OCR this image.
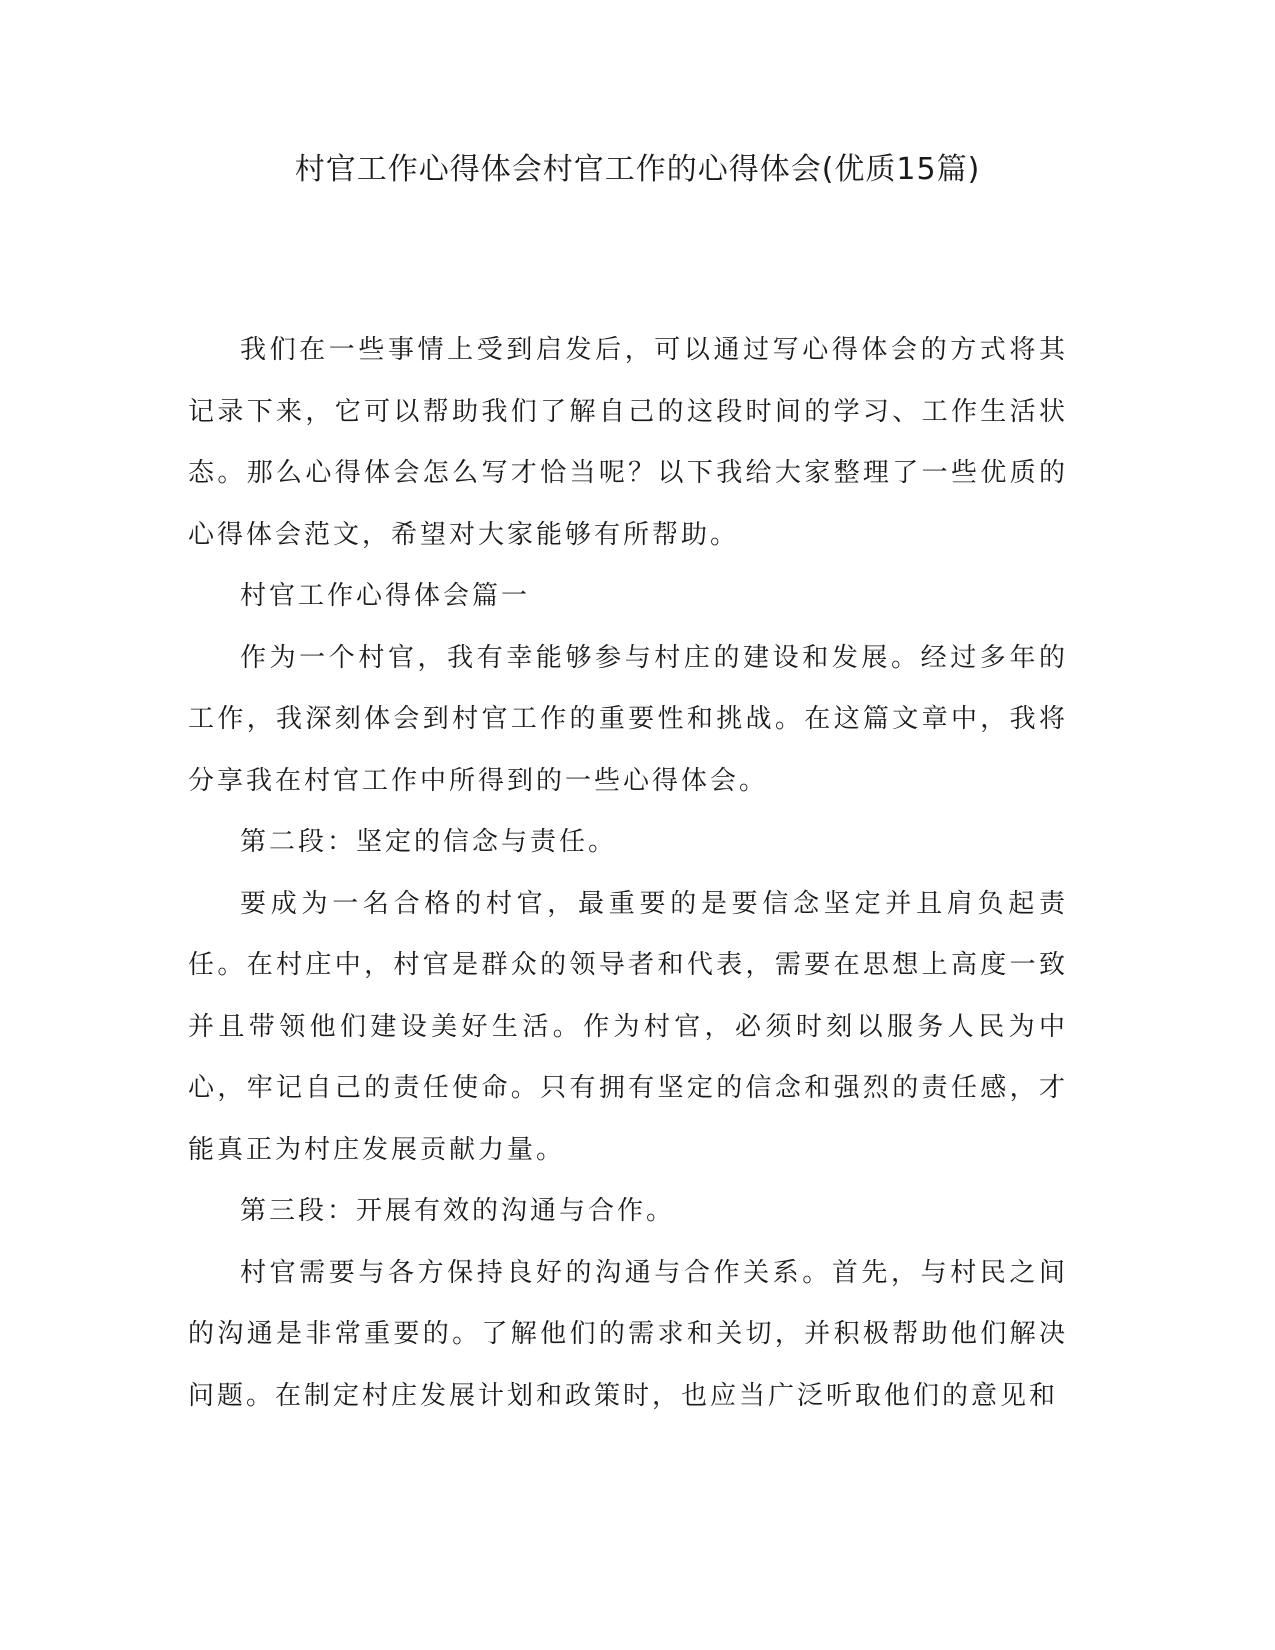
村官工作心得体会村官工作的心得体会(优质15篇)

我们在一些事情上受到启发后，可以通过写心得体会的方式将其记录下来，它可以帮助我们了解自己的这段时间的学习、工作生活状态。那么心得体会怎么写才恰当呢？以下我给大家整理了一些优质的心得体会范文，希望对大家能够有所帮助。

村官工作心得体会篇一

作为一个村官，我有幸能够参与村庄的建设和发展。经过多年的工作，我深刻体会到村官工作的重要性和挑战。在这篇文章中，我将分享我在村官工作中所得到的一些心得体会。

第二段：坚定的信念与责任。

要成为一名合格的村官，最重要的是要信念坚定并且肩负起责任。在村庄中，村官是群众的领导者和代表，需要在思想上高度一致并且带领他们建设美好生活。作为村官，必须时刻以服务人民为中心，牢记自己的责任使命。只有拥有坚定的信念和强烈的责任感，才能真正为村庄发展贡献力量。

第三段：开展有效的沟通与合作。

村官需要与各方保持良好的沟通与合作关系。首先，与村民之间的沟通是非常重要的。了解他们的需求和关切，并积极帮助他们解决问题。在制定村庄发展计划和政策时，也应当广泛听取他们的意见和
